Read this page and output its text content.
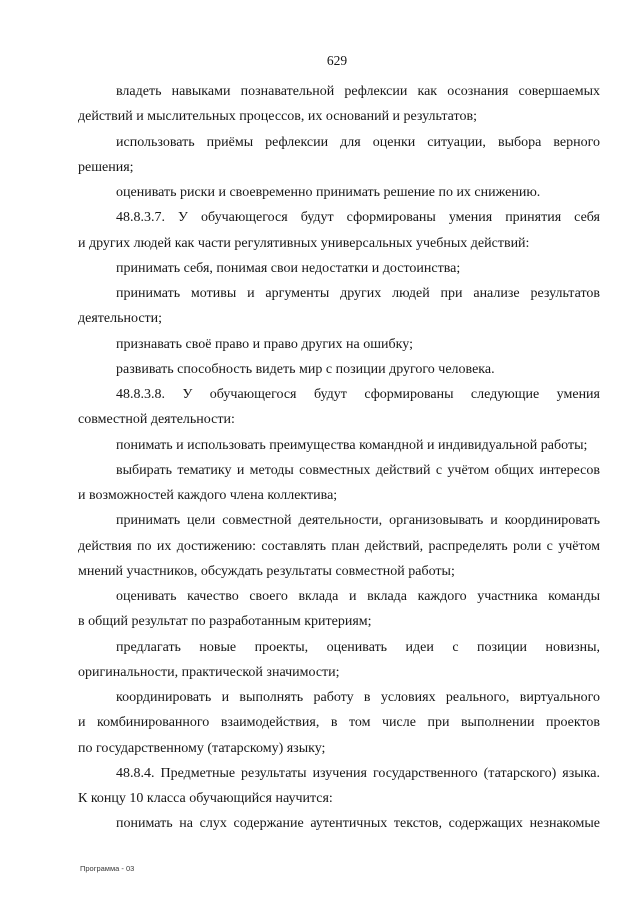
629
владеть навыками познавательной рефлексии как осознания совершаемых
действий и мыслительных процессов, их оснований и результатов;
использовать приёмы рефлексии для оценки ситуации, выбора верного
решения;
оценивать риски и своевременно принимать решение по их снижению.
48.8.3.7. У обучающегося будут сформированы умения принятия себя
и других людей как части регулятивных универсальных учебных действий:
принимать себя, понимая свои недостатки и достоинства;
принимать мотивы и аргументы других людей при анализе результатов
деятельности;
признавать своё право и право других на ошибку;
развивать способность видеть мир с позиции другого человека.
48.8.3.8. У обучающегося будут сформированы следующие умения
совместной деятельности:
понимать и использовать преимущества командной и индивидуальной работы;
выбирать тематику и методы совместных действий с учётом общих интересов
и возможностей каждого члена коллектива;
принимать цели совместной деятельности, организовывать и координировать
действия по их достижению: составлять план действий, распределять роли с учётом
мнений участников, обсуждать результаты совместной работы;
оценивать качество своего вклада и вклада каждого участника команды
в общий результат по разработанным критериям;
предлагать новые проекты, оценивать идеи с позиции новизны,
оригинальности, практической значимости;
координировать и выполнять работу в условиях реального, виртуального
и комбинированного взаимодействия, в том числе при выполнении проектов
по государственному (татарскому) языку;
48.8.4. Предметные результаты изучения государственного (татарского) языка.
К концу 10 класса обучающийся научится:
понимать на слух содержание аутентичных текстов, содержащих незнакомые
Программа - 03
